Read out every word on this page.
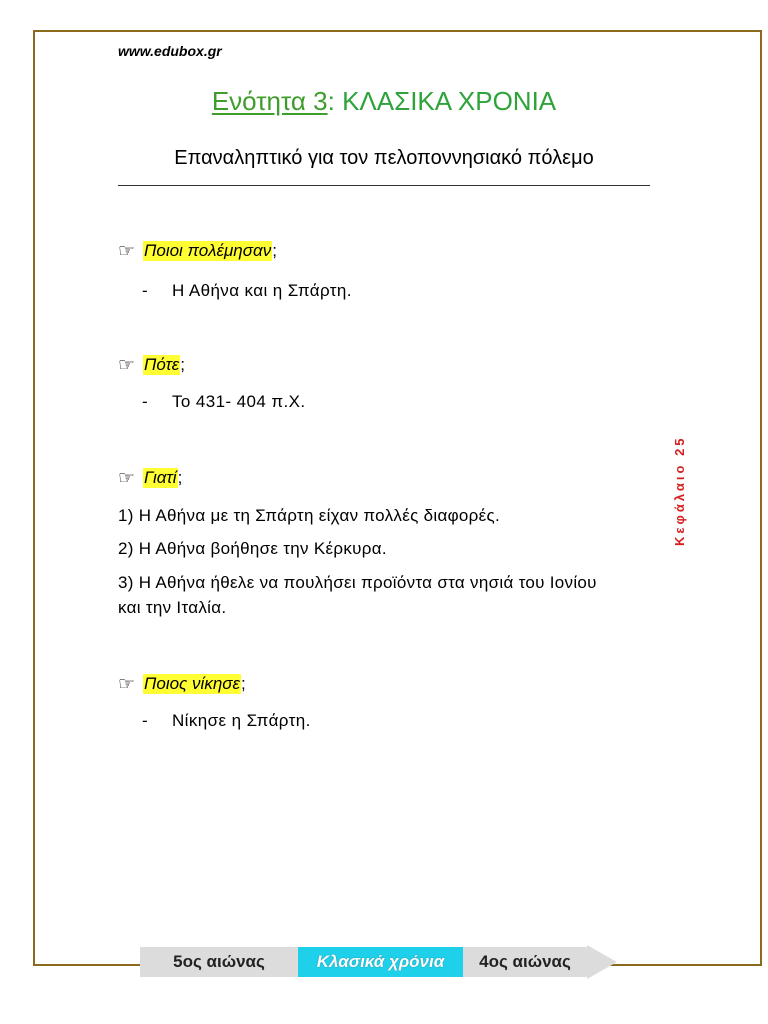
www.edubox.gr
Ενότητα 3: ΚΛΑΣΙΚΑ ΧΡΟΝΙΑ
Επαναληπτικό για τον πελοποννησιακό πόλεμο
☞ Ποιοι πολέμησαν ;
- Η Αθήνα και η Σπάρτη.
☞ Πότε ;
- Το 431- 404 π.Χ.
☞ Γιατί ;
1) Η Αθήνα με τη Σπάρτη είχαν πολλές διαφορές.
2) Η Αθήνα βοήθησε την Κέρκυρα.
3) Η Αθήνα ήθελε να πουλήσει προϊόντα στα νησιά του Ιονίου και την Ιταλία.
☞ Ποιος νίκησε ;
- Νίκησε η Σπάρτη.
Κεφάλαιο 25
5ος αιώνας	Κλασικά χρόνια	4ος αιώνας
